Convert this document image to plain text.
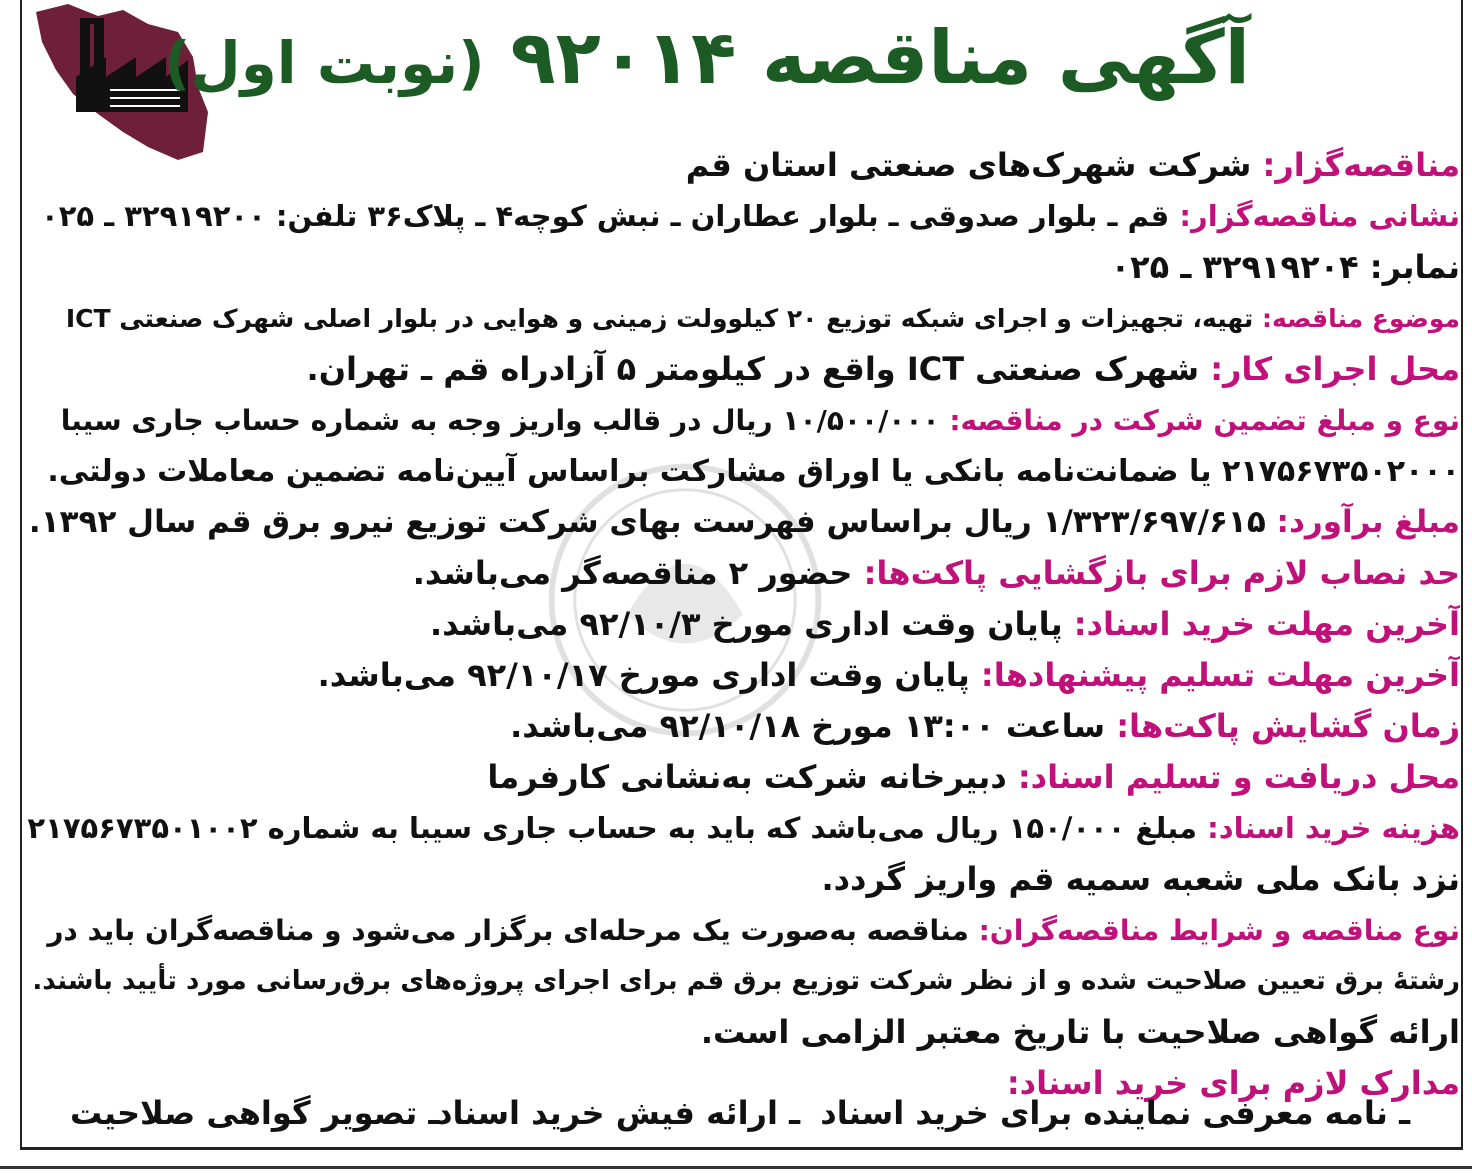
آگهی مناقصه ۹۲۰۱۴ (نوبت اول)
مناقصه‌گزار: شرکت شهرک‌های صنعتی استان قم
نشانی مناقصه‌گزار: قم ـ بلوار صدوقی ـ بلوار عطاران ـ نبش کوچه۴ ـ پلاک۳۶ تلفن: ۳۲۹۱۹۲۰۰ ـ ۰۲۵
نمابر: ۳۲۹۱۹۲۰۴ ـ ۰۲۵
موضوع مناقصه: تهیه، تجهیزات و اجرای شبکه توزیع ۲۰ کیلوولت زمینی و هوایی در بلوار اصلی شهرک صنعتی ICT
محل اجرای کار: شهرک صنعتی ICT واقع در کیلومتر ۵ آزادراه قم ـ تهران.
نوع و مبلغ تضمین شرکت در مناقصه: ۱۰/۵۰۰/۰۰۰ ریال در قالب واریز وجه به شماره حساب جاری سیبا
۲۱۷۵۶۷۳۵۰۲۰۰۰ یا ضمانت‌نامه بانکی یا اوراق مشارکت براساس آیین‌نامه تضمین معاملات دولتی.
مبلغ برآورد: ۱/۳۲۳/۶۹۷/۶۱۵ ریال براساس فهرست بهای شرکت توزیع نیرو برق قم سال ۱۳۹۲.
حد نصاب لازم برای بازگشایی پاکت‌ها: حضور ۲ مناقصه‌گر می‌باشد.
آخرین مهلت خرید اسناد: پایان وقت اداری مورخ ۹۲/۱۰/۳ می‌باشد.
آخرین مهلت تسلیم پیشنهادها: پایان وقت اداری مورخ ۹۲/۱۰/۱۷ می‌باشد.
زمان گشایش پاکت‌ها: ساعت ۱۳:۰۰ مورخ ۹۲/۱۰/۱۸ می‌باشد.
محل دریافت و تسلیم اسناد: دبیرخانه شرکت به‌نشانی کارفرما
هزینه خرید اسناد: مبلغ ۱۵۰/۰۰۰ ریال می‌باشد که باید به حساب جاری سیبا به شماره ۲۱۷۵۶۷۳۵۰۱۰۰۲
نزد بانک ملی شعبه سمیه قم واریز گردد.
نوع مناقصه و شرایط مناقصه‌گران: مناقصه به‌صورت یک مرحله‌ای برگزار می‌شود و مناقصه‌گران باید در
رشتهٔ برق تعیین صلاحیت شده و از نظر شرکت توزیع برق قم برای اجرای پروژه‌های برق‌رسانی مورد تأیید باشند.
ارائه گواهی صلاحیت با تاریخ معتبر الزامی است.
مدارک لازم برای خرید اسناد:
ـ نامه معرفی نماینده برای خرید اسناد
ـ ارائه فیش خرید اسناد
ـ تصویر گواهی صلاحیت
